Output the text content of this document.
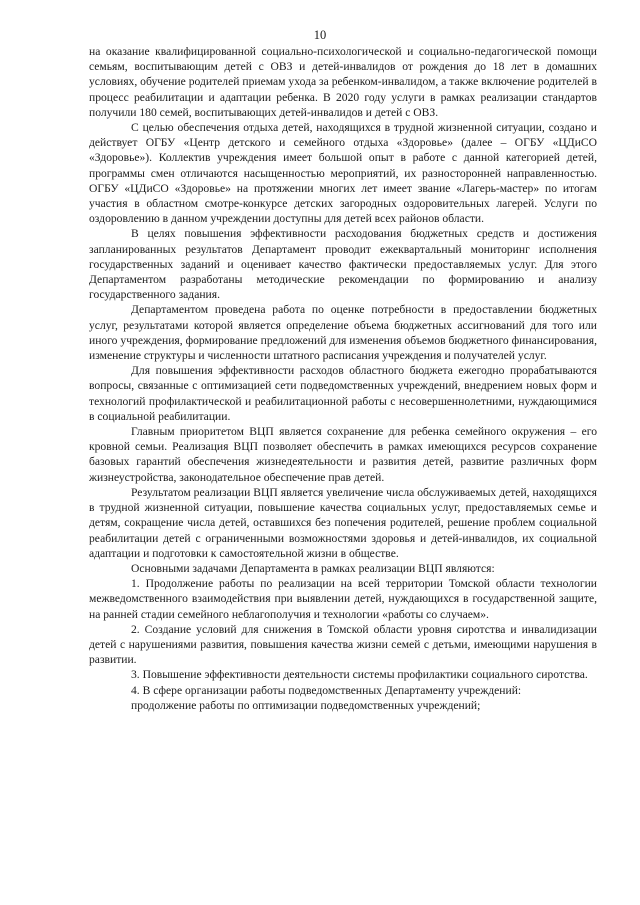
10

на оказание квалифицированной социально-психологической и социально-педагогической помощи семьям, воспитывающим детей с ОВЗ и детей-инвалидов от рождения до 18 лет в домашних условиях, обучение родителей приемам ухода за ребенком-инвалидом, а также включение родителей в процесс реабилитации и адаптации ребенка. В 2020 году услуги в рамках реализации стандартов получили 180 семей, воспитывающих детей-инвалидов и детей с ОВЗ.

С целью обеспечения отдыха детей, находящихся в трудной жизненной ситуации, создано и действует ОГБУ «Центр детского и семейного отдыха «Здоровье» (далее – ОГБУ «ЦДиСО «Здоровье»). Коллектив учреждения имеет большой опыт в работе с данной категорией детей, программы смен отличаются насыщенностью мероприятий, их разносторонней направленностью. ОГБУ «ЦДиСО «Здоровье» на протяжении многих лет имеет звание «Лагерь-мастер» по итогам участия в областном смотре-конкурсе детских загородных оздоровительных лагерей. Услуги по оздоровлению в данном учреждении доступны для детей всех районов области.

В целях повышения эффективности расходования бюджетных средств и достижения запланированных результатов Департамент проводит ежеквартальный мониторинг исполнения государственных заданий и оценивает качество фактически предоставляемых услуг. Для этого Департаментом разработаны методические рекомендации по формированию и анализу государственного задания.

Департаментом проведена работа по оценке потребности в предоставлении бюджетных услуг, результатами которой является определение объема бюджетных ассигнований для того или иного учреждения, формирование предложений для изменения объемов бюджетного финансирования, изменение структуры и численности штатного расписания учреждения и получателей услуг.

Для повышения эффективности расходов областного бюджета ежегодно прорабатываются вопросы, связанные с оптимизацией сети подведомственных учреждений, внедрением новых форм и технологий профилактической и реабилитационной работы с несовершеннолетними, нуждающимися в социальной реабилитации.

Главным приоритетом ВЦП является сохранение для ребенка семейного окружения – его кровной семьи. Реализация ВЦП позволяет обеспечить в рамках имеющихся ресурсов сохранение базовых гарантий обеспечения жизнедеятельности и развития детей, развитие различных форм жизнеустройства, законодательное обеспечение прав детей.

Результатом реализации ВЦП является увеличение числа обслуживаемых детей, находящихся в трудной жизненной ситуации, повышение качества социальных услуг, предоставляемых семье и детям, сокращение числа детей, оставшихся без попечения родителей, решение проблем социальной реабилитации детей с ограниченными возможностями здоровья и детей-инвалидов, их социальной адаптации и подготовки к самостоятельной жизни в обществе.

Основными задачами Департамента в рамках реализации ВЦП являются:

1. Продолжение работы по реализации на всей территории Томской области технологии межведомственного взаимодействия при выявлении детей, нуждающихся в государственной защите, на ранней стадии семейного неблагополучия и технологии «работы со случаем».

2. Создание условий для снижения в Томской области уровня сиротства и инвалидизации детей с нарушениями развития, повышения качества жизни семей с детьми, имеющими нарушения в развитии.

3. Повышение эффективности деятельности системы профилактики социального сиротства.

4. В сфере организации работы подведомственных Департаменту учреждений:

продолжение работы по оптимизации подведомственных учреждений;
